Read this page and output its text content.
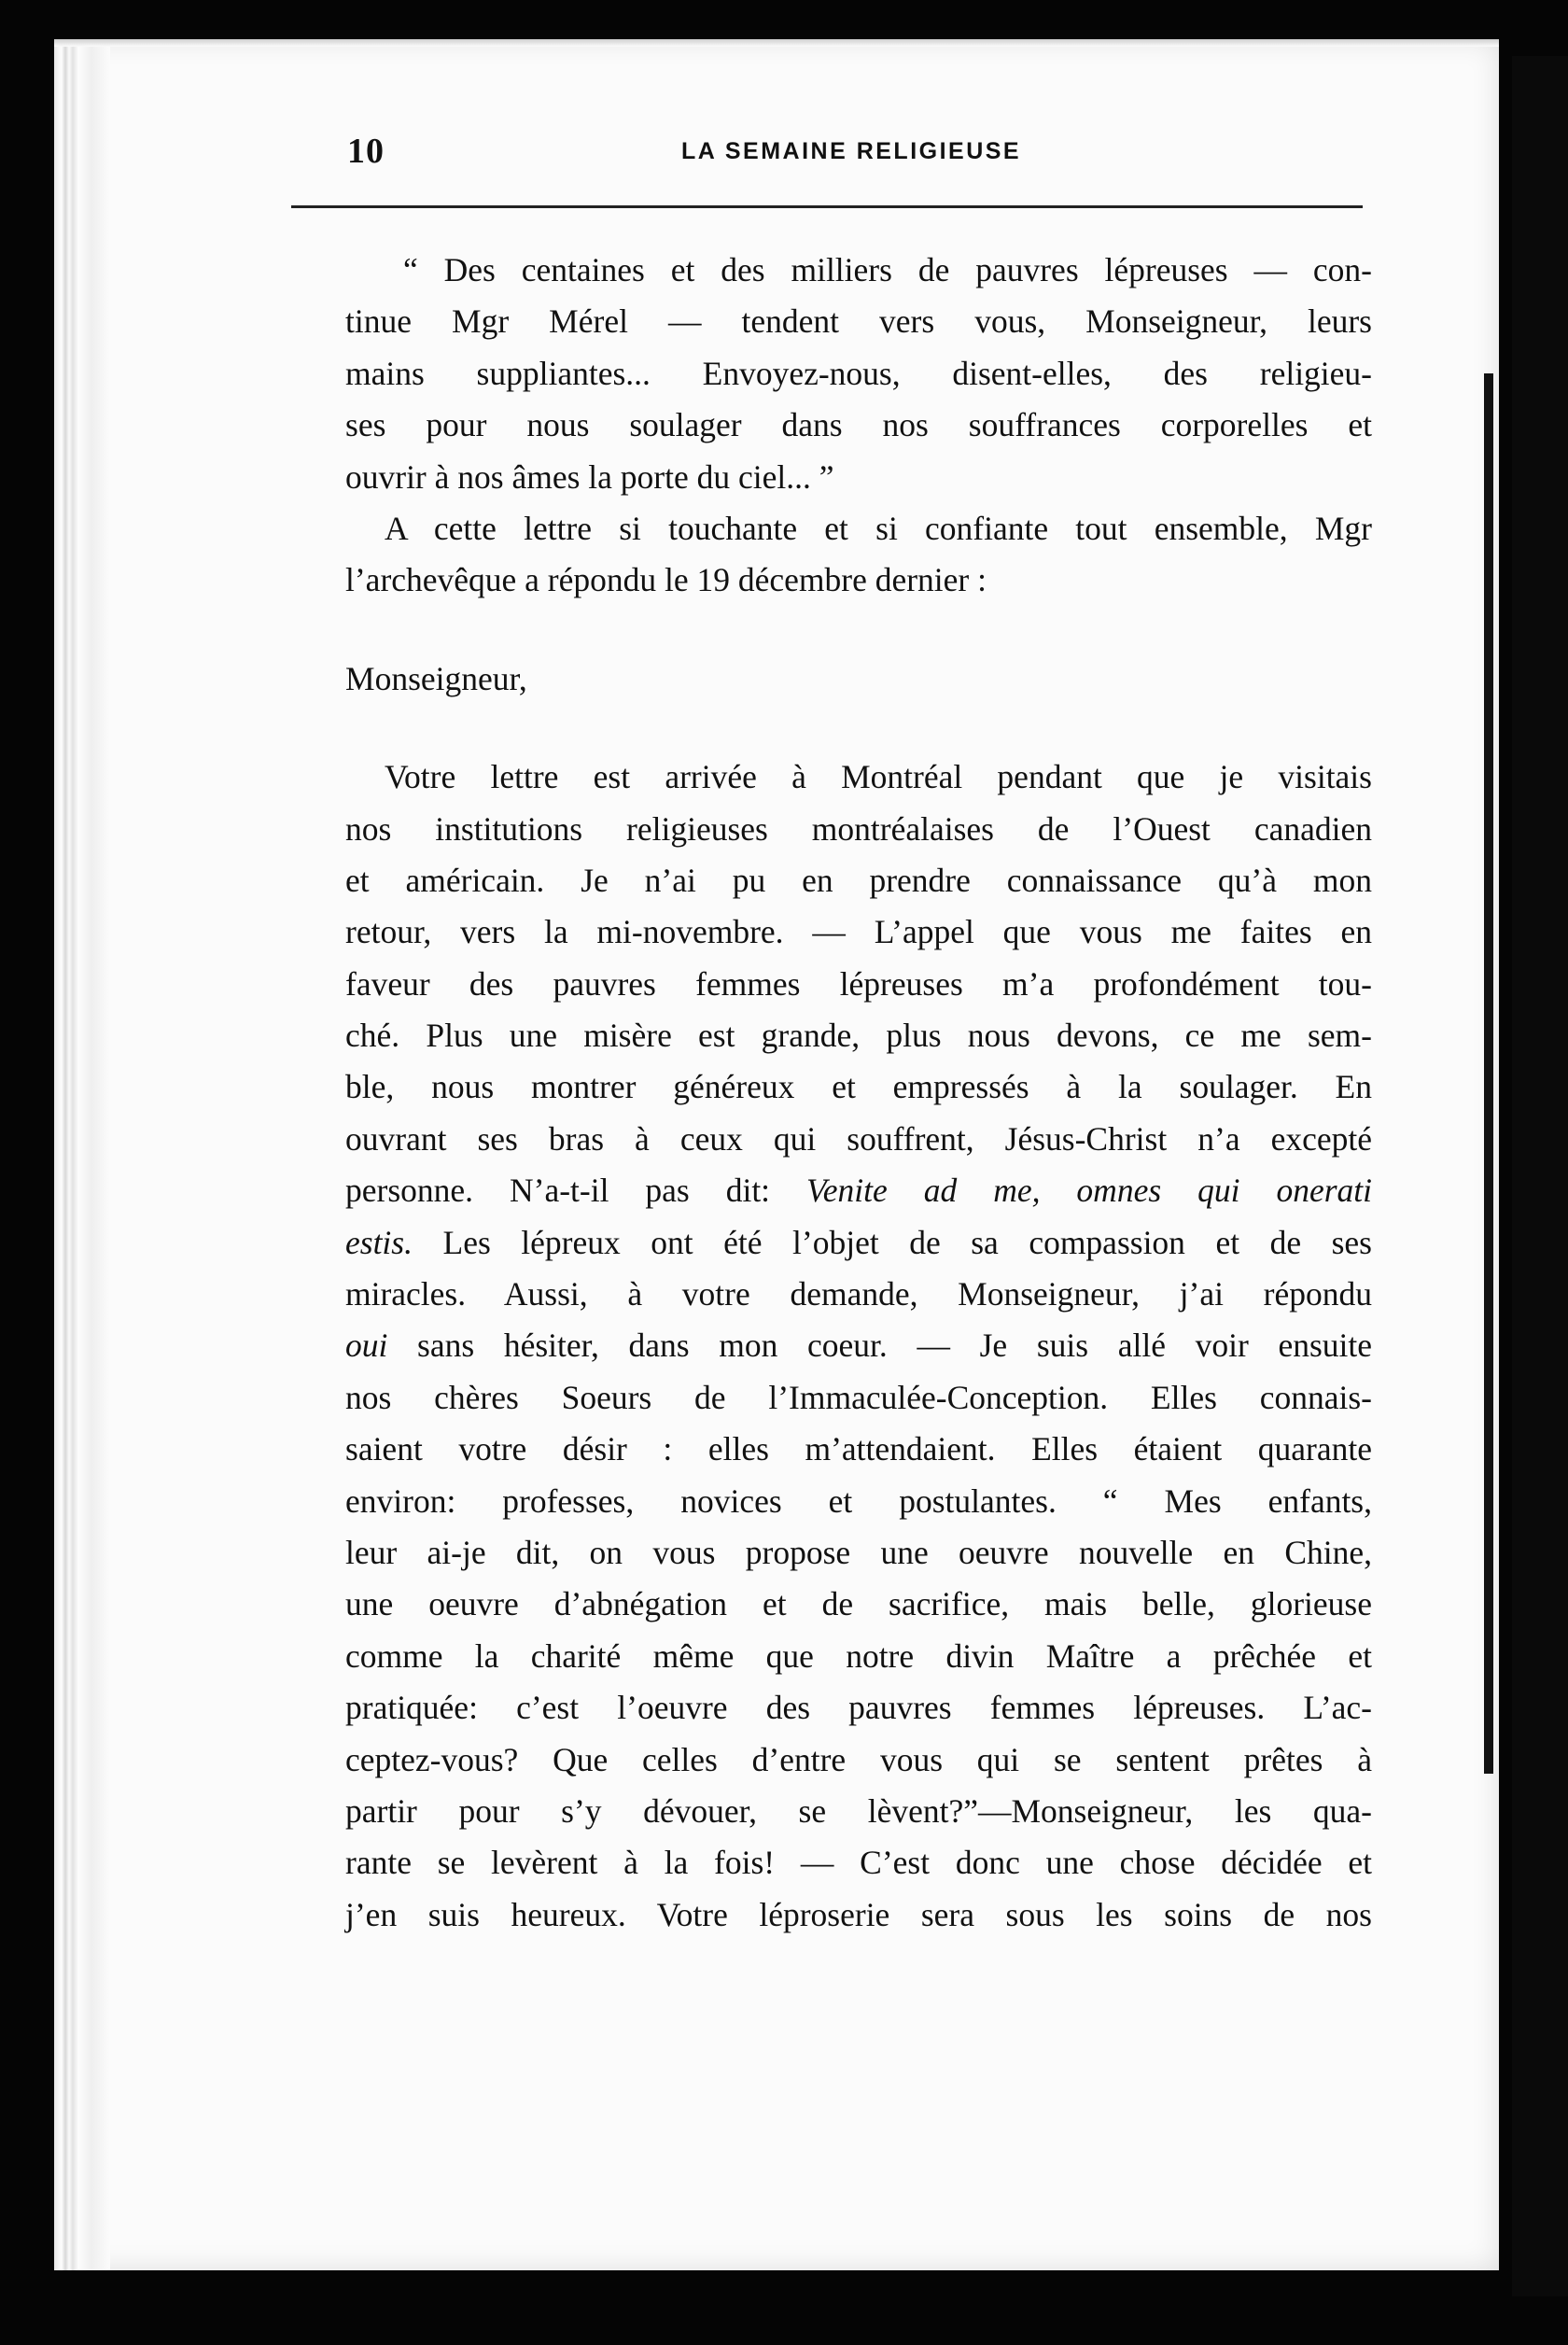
10	LA SEMAINE RELIGIEUSE
“ Des centaines et des milliers de pauvres lépreuses — con-
tinue Mgr Mérel — tendent vers vous, Monseigneur, leurs
mains suppliantes... Envoyez-nous, disent-elles, des religieu-
ses pour nous soulager dans nos souffrances corporelles et
ouvrir à nos âmes la porte du ciel... ”
A cette lettre si touchante et si confiante tout ensemble, Mgr
l’archevêque a répondu le 19 décembre dernier :
Monseigneur,
Votre lettre est arrivée à Montréal pendant que je visitais
nos institutions religieuses montréalaises de l’Ouest canadien
et américain. Je n’ai pu en prendre connaissance qu’à mon
retour, vers la mi-novembre. — L’appel que vous me faites en
faveur des pauvres femmes lépreuses m’a profondément tou-
ché. Plus une misère est grande, plus nous devons, ce me sem-
ble, nous montrer généreux et empressés à la soulager. En
ouvrant ses bras à ceux qui souffrent, Jésus-Christ n’a excepté
personne. N’a-t-il pas dit: Venite ad me, omnes qui onerati
estis. Les lépreux ont été l’objet de sa compassion et de ses
miracles. Aussi, à votre demande, Monseigneur, j’ai répondu
oui sans hésiter, dans mon coeur. — Je suis allé voir ensuite
nos chères Soeurs de l’Immaculée-Conception. Elles connais-
saient votre désir : elles m’attendaient. Elles étaient quarante
environ: professes, novices et postulantes. “ Mes enfants,
leur ai-je dit, on vous propose une oeuvre nouvelle en Chine,
une oeuvre d’abnégation et de sacrifice, mais belle, glorieuse
comme la charité même que notre divin Maître a prêchée et
pratiquée: c’est l’oeuvre des pauvres femmes lépreuses. L’ac-
ceptez-vous? Que celles d’entre vous qui se sentent prêtes à
partir pour s’y dévouer, se lèvent?”—Monseigneur, les qua-
rante se levèrent à la fois! — C’est donc une chose décidée et
j’en suis heureux. Votre léproserie sera sous les soins de nos
